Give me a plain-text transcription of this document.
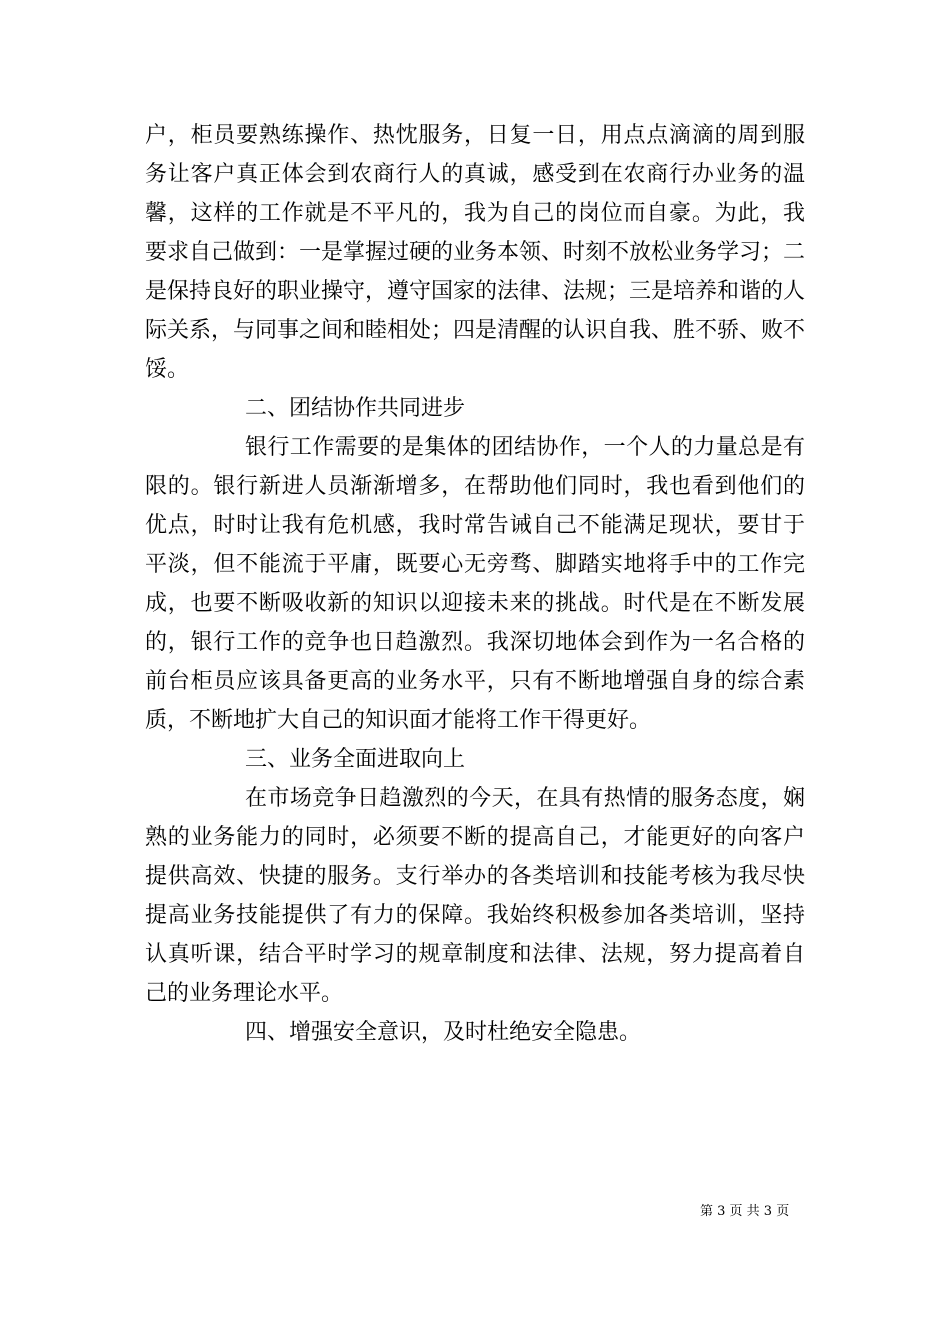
户，柜员要熟练操作、热忱服务，日复一日，用点点滴滴的周到服
务让客户真正体会到农商行人的真诚，感受到在农商行办业务的温
馨，这样的工作就是不平凡的，我为自己的岗位而自豪。为此，我
要求自己做到：一是掌握过硬的业务本领、时刻不放松业务学习；二
是保持良好的职业操守，遵守国家的法律、法规；三是培养和谐的人
际关系，与同事之间和睦相处；四是清醒的认识自我、胜不骄、败不
馁。
二、团结协作共同进步
银行工作需要的是集体的团结协作，一个人的力量总是有
限的。银行新进人员渐渐增多，在帮助他们同时，我也看到他们的
优点，时时让我有危机感，我时常告诫自己不能满足现状，要甘于
平淡，但不能流于平庸，既要心无旁骛、脚踏实地将手中的工作完
成，也要不断吸收新的知识以迎接未来的挑战。时代是在不断发展
的，银行工作的竞争也日趋激烈。我深切地体会到作为一名合格的
前台柜员应该具备更高的业务水平，只有不断地增强自身的综合素
质，不断地扩大自己的知识面才能将工作干得更好。
三、业务全面进取向上
在市场竞争日趋激烈的今天，在具有热情的服务态度，娴
熟的业务能力的同时，必须要不断的提高自己，才能更好的向客户
提供高效、快捷的服务。支行举办的各类培训和技能考核为我尽快
提高业务技能提供了有力的保障。我始终积极参加各类培训，坚持
认真听课，结合平时学习的规章制度和法律、法规，努力提高着自
己的业务理论水平。
四、增强安全意识，及时杜绝安全隐患。
第 3 页 共 3 页
